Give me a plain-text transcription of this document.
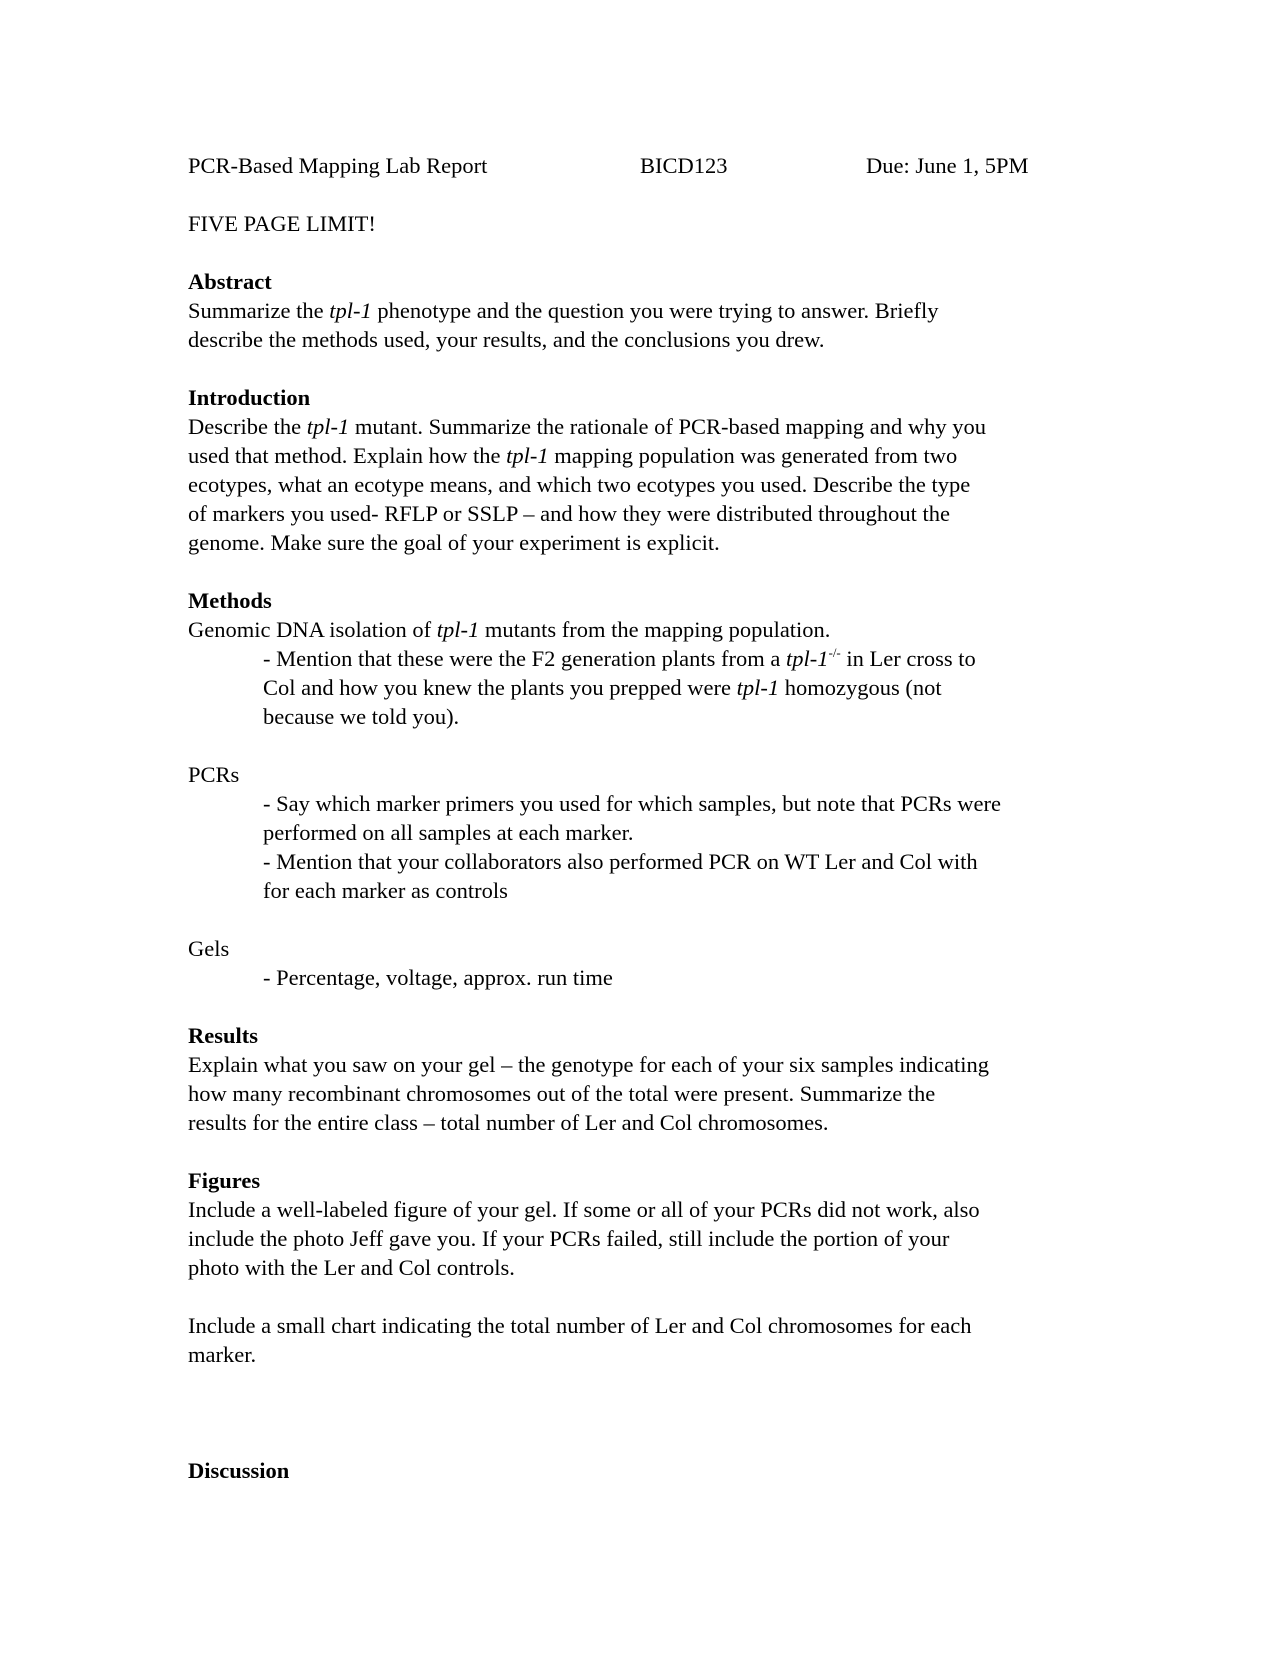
PCR-Based Mapping Lab Report	BICD123	Due: June 1, 5PM
FIVE PAGE LIMIT!
Abstract
Summarize the tpl-1 phenotype and the question you were trying to answer. Briefly
describe the methods used, your results, and the conclusions you drew.
Introduction
Describe the tpl-1 mutant. Summarize the rationale of PCR-based mapping and why you
used that method. Explain how the tpl-1 mapping population was generated from two
ecotypes, what an ecotype means, and which two ecotypes you used. Describe the type
of markers you used- RFLP or SSLP – and how they were distributed throughout the
genome. Make sure the goal of your experiment is explicit.
Methods
Genomic DNA isolation of tpl-1 mutants from the mapping population.
- Mention that these were the F2 generation plants from a tpl-1-/- in Ler cross to
Col and how you knew the plants you prepped were tpl-1 homozygous (not
because we told you).
PCRs
- Say which marker primers you used for which samples, but note that PCRs were
performed on all samples at each marker.
- Mention that your collaborators also performed PCR on WT Ler and Col with
for each marker as controls
Gels
- Percentage, voltage, approx. run time
Results
Explain what you saw on your gel – the genotype for each of your six samples indicating
how many recombinant chromosomes out of the total were present. Summarize the
results for the entire class – total number of Ler and Col chromosomes.
Figures
Include a well-labeled figure of your gel. If some or all of your PCRs did not work, also
include the photo Jeff gave you. If your PCRs failed, still include the portion of your
photo with the Ler and Col controls.
Include a small chart indicating the total number of Ler and Col chromosomes for each
marker.
Discussion
